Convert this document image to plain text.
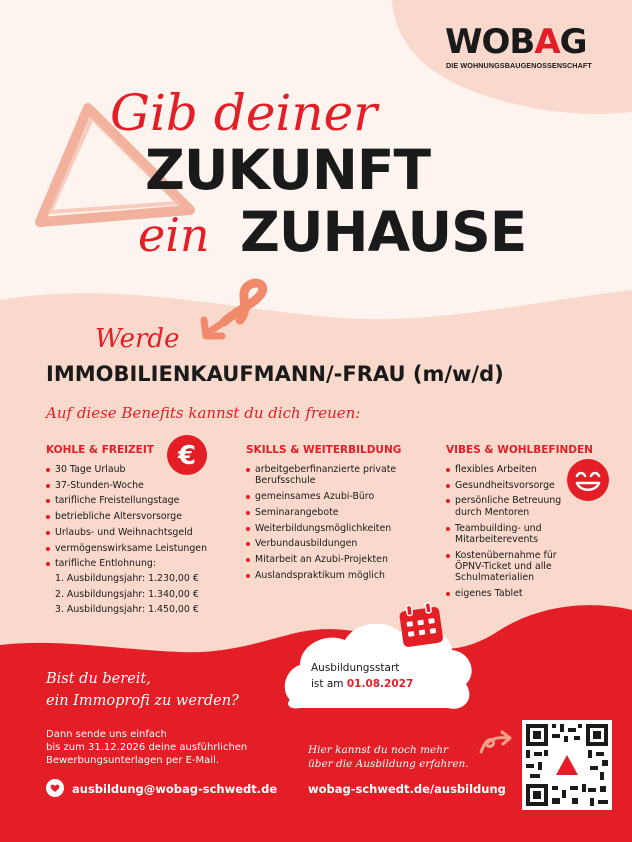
WOBAG
DIE WOHNUNGSBAUGENOSSENSCHAFT
Gib deiner
ZUKUNFT
ein ZUHAUSE
Werde
IMMOBILIENKAUFMANN/-FRAU (m/w/d)
Auf diese Benefits kannst du dich freuen:
KOHLE & FREIZEIT €
30 Tage Urlaub
37-Stunden-Woche
tarifliche Freistellungstage
betriebliche Altersvorsorge
Urlaubs- und Weihnachtsgeld
vermögenswirksame Leistungen
tarifliche Entlohnung:
1. Ausbildungsjahr: 1.230,00 €
2. Ausbildungsjahr: 1.340,00 €
3. Ausbildungsjahr: 1.450,00 €
SKILLS & WEITERBILDUNG
arbeitgeberfinanzierte private Berufsschule
gemeinsames Azubi-Büro
Seminarangebote
Weiterbildungsmöglichkeiten
Verbundausbildungen
Mitarbeit an Azubi-Projekten
Auslandspraktikum möglich
VIBES & WOHLBEFINDEN
flexibles Arbeiten
Gesundheitsvorsorge
persönliche Betreuung durch Mentoren
Teambuilding- und Mitarbeiterevents
Kostenübernahme für ÖPNV-Ticket und alle Schulmaterialien
eigenes Tablet
Ausbildungsstart
ist am 01.08.2027
Bist du bereit,
ein Immoprofi zu werden?
Dann sende uns einfach
bis zum 31.12.2026 deine ausführlichen
Bewerbungsunterlagen per E-Mail.
ausbildung@wobag-schwedt.de
Hier kannst du noch mehr
über die Ausbildung erfahren.
wobag-schwedt.de/ausbildung
